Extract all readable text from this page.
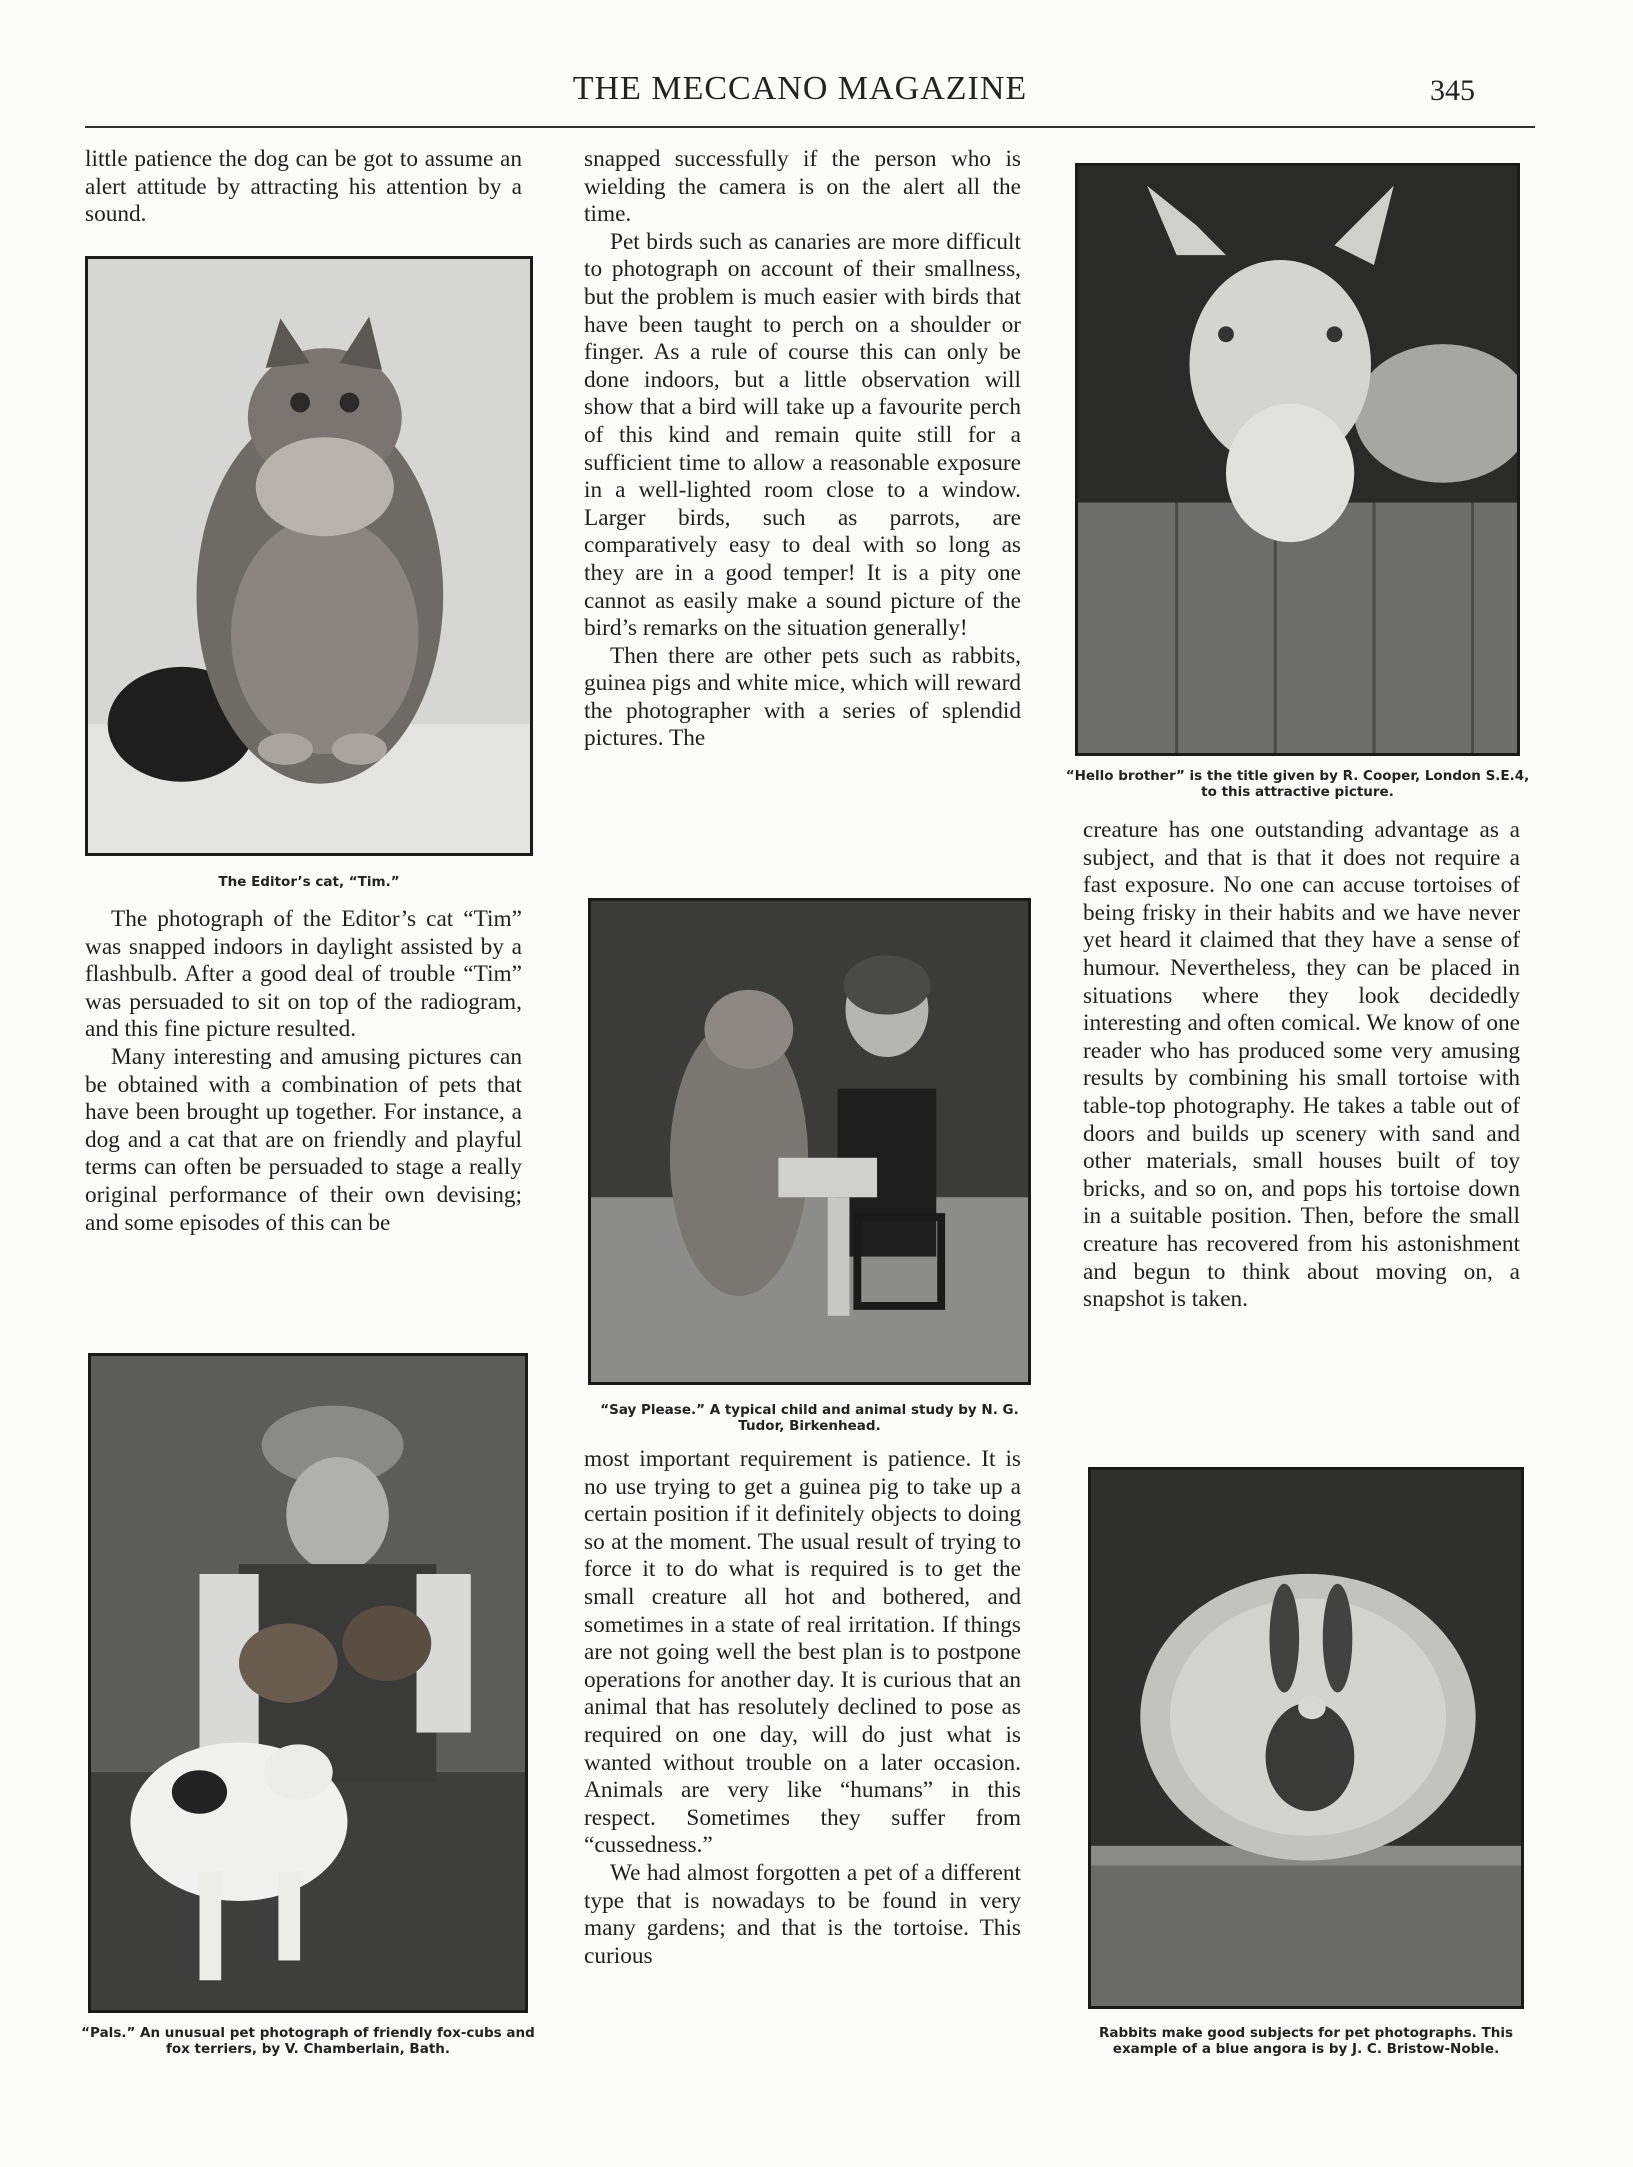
THE MECCANO MAGAZINE	345

little patience the dog can be got to assume an alert attitude by attracting his attention by a sound.

The Editor’s cat, “Tim.”

The photograph of the Editor’s cat “Tim” was snapped indoors in daylight assisted by a flashbulb. After a good deal of trouble “Tim” was persuaded to sit on top of the radiogram, and this fine picture resulted.

Many interesting and amusing pictures can be obtained with a combination of pets that have been brought up together. For instance, a dog and a cat that are on friendly and playful terms can often be persuaded to stage a really original performance of their own devising; and some episodes of this can be

“Pals.” An unusual pet photograph of friendly fox-cubs and fox terriers, by V. Chamberlain, Bath.

snapped successfully if the person who is wielding the camera is on the alert all the time.

Pet birds such as canaries are more difficult to photograph on account of their smallness, but the problem is much easier with birds that have been taught to perch on a shoulder or finger. As a rule of course this can only be done indoors, but a little observation will show that a bird will take up a favourite perch of this kind and remain quite still for a sufficient time to allow a reasonable exposure in a well-lighted room close to a window. Larger birds, such as parrots, are comparatively easy to deal with so long as they are in a good temper! It is a pity one cannot as easily make a sound picture of the bird’s remarks on the situation generally!

Then there are other pets such as rabbits, guinea pigs and white mice, which will reward the photographer with a series of splendid pictures. The

“Say Please.” A typical child and animal study by N. G. Tudor, Birkenhead.

most important requirement is patience. It is no use trying to get a guinea pig to take up a certain position if it definitely objects to doing so at the moment. The usual result of trying to force it to do what is required is to get the small creature all hot and bothered, and sometimes in a state of real irritation. If things are not going well the best plan is to postpone operations for another day. It is curious that an animal that has resolutely declined to pose as required on one day, will do just what is wanted without trouble on a later occasion. Animals are very like “humans” in this respect. Sometimes they suffer from “cussedness.”

We had almost forgotten a pet of a different type that is nowadays to be found in very many gardens; and that is the tortoise. This curious

“Hello brother” is the title given by R. Cooper, London S.E.4, to this attractive picture.

creature has one outstanding advantage as a subject, and that is that it does not require a fast exposure. No one can accuse tortoises of being frisky in their habits and we have never yet heard it claimed that they have a sense of humour. Nevertheless, they can be placed in situations where they look decidedly interesting and often comical. We know of one reader who has produced some very amusing results by combining his small tortoise with table-top photography. He takes a table out of doors and builds up scenery with sand and other materials, small houses built of toy bricks, and so on, and pops his tortoise down in a suitable position. Then, before the small creature has recovered from his astonishment and begun to think about moving on, a snapshot is taken.

Rabbits make good subjects for pet photographs. This example of a blue angora is by J. C. Bristow-Noble.
